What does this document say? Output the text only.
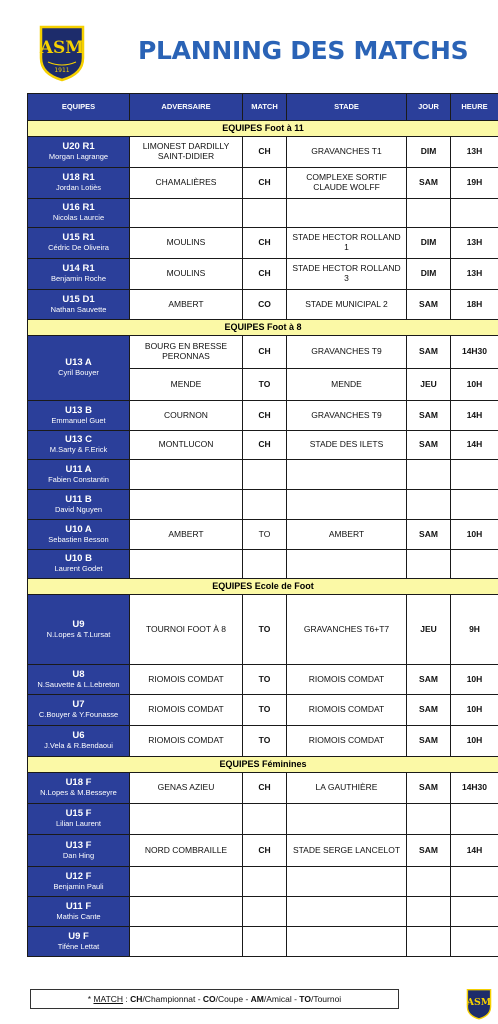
ASM
1911
PLANNING DES MATCHS
EQUIPES	ADVERSAIRE	MATCH	STADE	JOUR	HEURE
EQUIPES Foot à 11					

U20 R1
Morgan Lagrange	LIMONEST DARDILLY SAINT-DIDIER	CH	GRAVANCHES T1	DIM	13H

U18 R1
Jordan Lotiès	CHAMALIÈRES	CH	COMPLEXE SORTIF CLAUDE WOLFF	SAM	19H

U16 R1
Nicolas Laurcie					

U15 R1
Cédric De Oliveira	MOULINS	CH	STADE HECTOR ROLLAND 1	DIM	13H

U14 R1
Benjamin Roche	MOULINS	CH	STADE HECTOR ROLLAND 3	DIM	13H

U15 D1
Nathan Sauvette	AMBERT	CO	STADE MUNICIPAL 2	SAM	18H
EQUIPES Foot à 8					

U13 A
Cyril Bouyer	BOURG EN BRESSE PERONNAS	CH	GRAVANCHES T9	SAM	14H30
	MENDE	TO	MENDE	JEU	10H

U13 B
Emmanuel Guet	COURNON	CH	GRAVANCHES T9	SAM	14H

U13 C
M.Sarty & F.Erick	MONTLUCON	CH	STADE DES ILETS	SAM	14H

U11 A
Fabien Constantin					

U11 B
David Nguyen					

U10 A
Sebastien Besson	AMBERT	TO	AMBERT	SAM	10H

U10 B
Laurent Godet					

EQUIPES Ecole de Foot					

U9
N.Lopes & T.Lursat	TOURNOI FOOT À 8	TO	GRAVANCHES T6+T7	JEU	9H

U8
N.Sauvette & L.Lebreton	RIOMOIS COMDAT	TO	RIOMOIS COMDAT	SAM	10H

U7
C.Bouyer & Y.Founasse	RIOMOIS COMDAT	TO	RIOMOIS COMDAT	SAM	10H

U6
J.Vela & R.Bendaoui	RIOMOIS COMDAT	TO	RIOMOIS COMDAT	SAM	10H
EQUIPES Féminines					

U18 F
N.Lopes & M.Besseyre	GENAS AZIEU	CH	LA GAUTHIÈRE	SAM	14H30

U15 F
Lilian Laurent					

U13 F
Dan Hing	NORD COMBRAILLE	CH	STADE SERGE LANCELOT	SAM	14H

U12 F
Benjamin Pauli					

U11 F
Mathis Cante					

U9 F
Tiféne Lettat					

* MATCH : CH/Championnat - CO/Coupe - AM/Amical - TO/Tournoi	ASM
